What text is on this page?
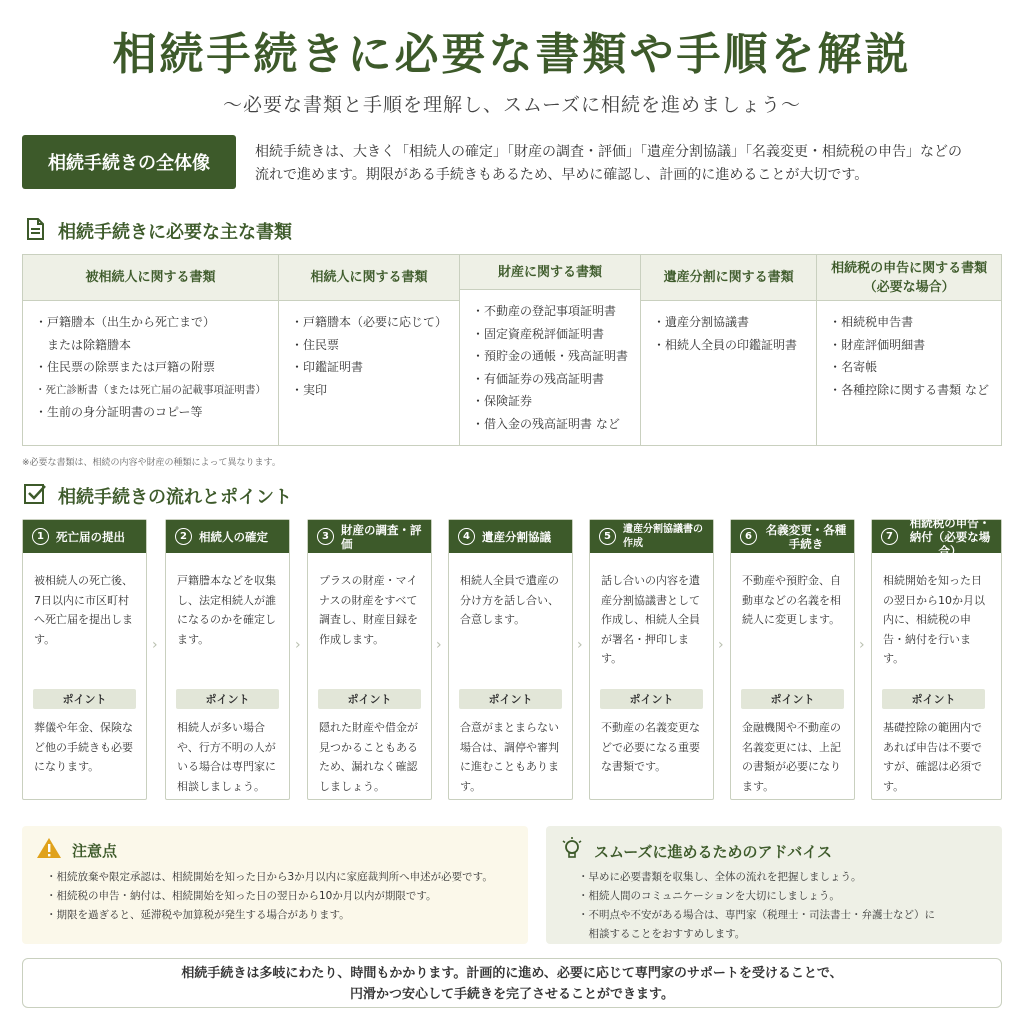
相続手続きに必要な書類や手順を解説
～必要な書類と手順を理解し、スムーズに相続を進めましょう～
相続手続きの全体像
相続手続きは、大きく「相続人の確定」「財産の調査・評価」「遺産分割協議」「名義変更・相続税の申告」などの
流れで進めます。期限がある手続きもあるため、早めに確認し、計画的に進めることが大切です。
相続手続きに必要な主な書類
被相続人に関する書類
・戸籍謄本（出生から死亡まで）
　または除籍謄本
・住民票の除票または戸籍の附票
・死亡診断書（または死亡届の記載事項証明書）
・生前の身分証明書のコピー等
相続人に関する書類
・戸籍謄本（必要に応じて）
・住民票
・印鑑証明書
・実印
財産に関する書類
・不動産の登記事項証明書
・固定資産税評価証明書
・預貯金の通帳・残高証明書
・有価証券の残高証明書
・保険証券
・借入金の残高証明書 など
遺産分割に関する書類
・遺産分割協議書
・相続人全員の印鑑証明書
相続税の申告に関する書類
（必要な場合）
・相続税申告書
・財産評価明細書
・名寄帳
・各種控除に関する書類 など
※必要な書類は、相続の内容や財産の種類によって異なります。
相続手続きの流れとポイント
1	死亡届の提出
被相続人の死亡後、7日以内に市区町村へ死亡届を提出します。
ポイント
葬儀や年金、保険など他の手続きも必要になります。
›
2	相続人の確定
戸籍謄本などを収集し、法定相続人が誰になるのかを確定します。
ポイント
相続人が多い場合や、行方不明の人がいる場合は専門家に相談しましょう。
›
3	財産の調査・評価
プラスの財産・マイナスの財産をすべて調査し、財産目録を作成します。
ポイント
隠れた財産や借金が見つかることもあるため、漏れなく確認しましょう。
›
4	遺産分割協議
相続人全員で遺産の分け方を話し合い、合意します。
ポイント
合意がまとまらない場合は、調停や審判に進むこともあります。
›
5
遺産分割協議書の作成
話し合いの内容を遺産分割協議書として作成し、相続人全員が署名・押印します。
ポイント
不動産の名義変更などで必要になる重要な書類です。
›
6	名義変更・各種手続き
不動産や預貯金、自動車などの名義を相続人に変更します。
ポイント
金融機関や不動産の名義変更には、上記の書類が必要になります。
›
7
相続税の申告・納付（必要な場合）
相続開始を知った日の翌日から10か月以内に、相続税の申告・納付を行います。
ポイント
基礎控除の範囲内であれば申告は不要ですが、確認は必須です。
注意点
・ 相続放棄や限定承認は、相続開始を知った日から3か月以内に家庭裁判所へ申述が必要です。
・ 相続税の申告・納付は、相続開始を知った日の翌日から10か月以内が期限です。
・ 期限を過ぎると、延滞税や加算税が発生する場合があります。
スムーズに進めるためのアドバイス
・ 早めに必要書類を収集し、全体の流れを把握しましょう。
・ 相続人間のコミュニケーションを大切にしましょう。
・ 不明点や不安がある場合は、専門家（税理士・司法書士・弁護士など）に
相談することをおすすめします。
相続手続きは多岐にわたり、時間もかかります。計画的に進め、必要に応じて専門家のサポートを受けることで、
円滑かつ安心して手続きを完了させることができます。
